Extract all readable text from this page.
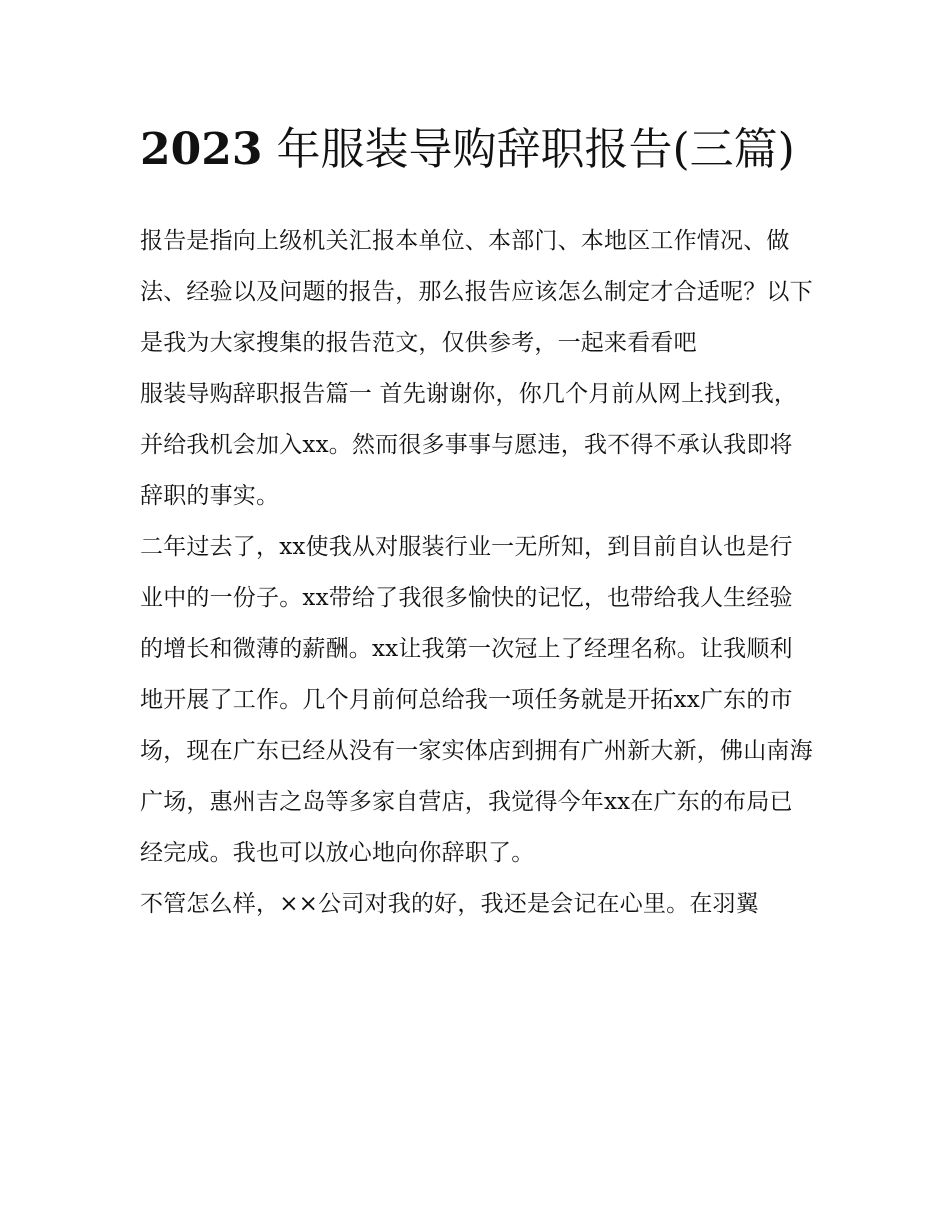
2023 年服装导购辞职报告(三篇)

报告是指向上级机关汇报本单位、本部门、本地区工作情况、做法、经验以及问题的报告，那么报告应该怎么制定才合适呢？以下是我为大家搜集的报告范文，仅供参考，一起来看看吧

服装导购辞职报告篇一 首先谢谢你，你几个月前从网上找到我，并给我机会加入xx。然而很多事事与愿违，我不得不承认我即将辞职的事实。

二年过去了，xx使我从对服装行业一无所知，到目前自认也是行业中的一份子。xx带给了我很多愉快的记忆，也带给我人生经验的增长和微薄的薪酬。xx让我第一次冠上了经理名称。让我顺利地开展了工作。几个月前何总给我一项任务就是开拓xx广东的市场，现在广东已经从没有一家实体店到拥有广州新大新，佛山南海广场，惠州吉之岛等多家自营店，我觉得今年xx在广东的布局已经完成。我也可以放心地向你辞职了。

不管怎么样，××公司对我的好，我还是会记在心里。在羽翼
